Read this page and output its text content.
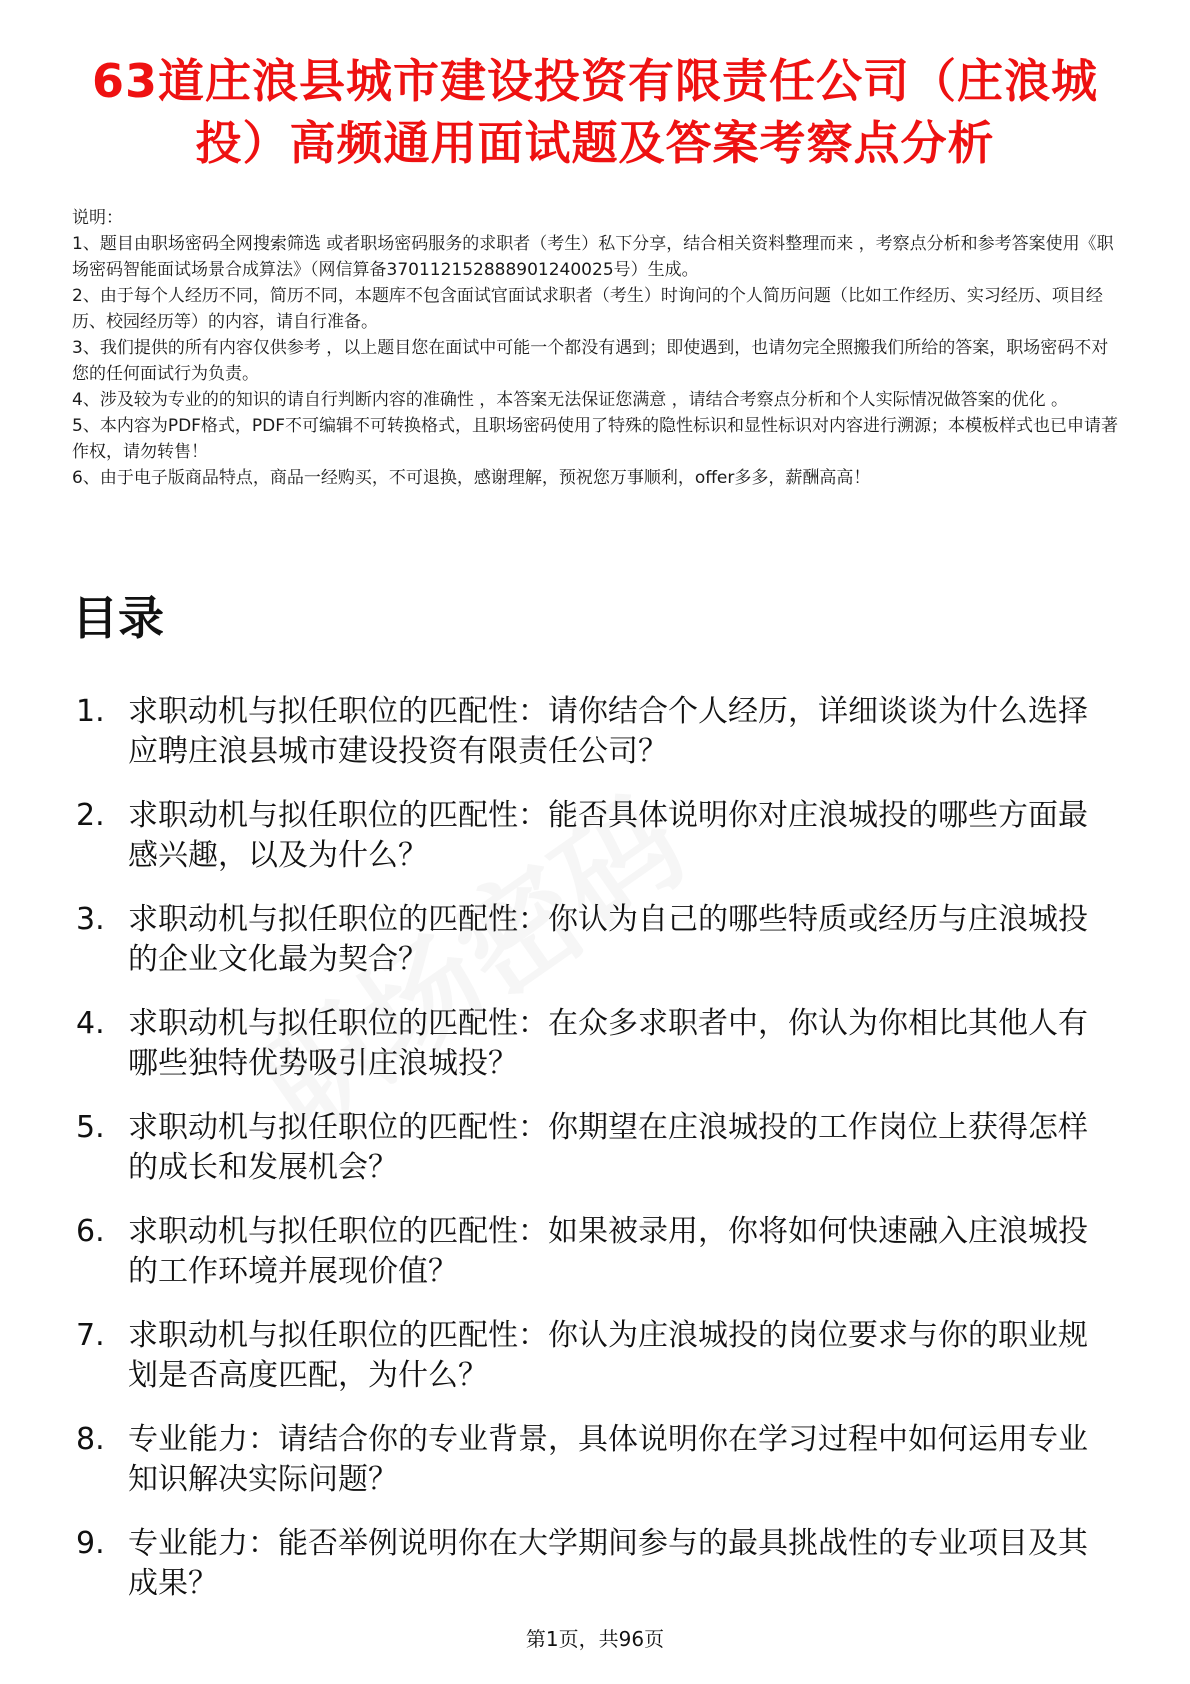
63道庄浪县城市建设投资有限责任公司（庄浪城投）高频通用面试题及答案考察点分析

说明：

1、题目由职场密码全网搜索筛选 或者职场密码服务的求职者（考生）私下分享，结合相关资料整理而来 ，考察点分析和参考答案使用《职场密码智能面试场景合成算法》（网信算备370112152888901240025号）生成。

2、由于每个人经历不同，简历不同，本题库不包含面试官面试求职者（考生）时询问的个人简历问题（比如工作经历、实习经历、项目经历、校园经历等）的内容，请自行准备。

3、我们提供的所有内容仅供参考 ，以上题目您在面试中可能一个都没有遇到；即使遇到，也请勿完全照搬我们所给的答案，职场密码不对您的任何面试行为负责。

4、涉及较为专业的的知识的请自行判断内容的准确性 ，本答案无法保证您满意 ，请结合考察点分析和个人实际情况做答案的优化 。

5、本内容为PDF格式，PDF不可编辑不可转换格式，且职场密码使用了特殊的隐性标识和显性标识对内容进行溯源；本模板样式也已申请著作权，请勿转售！

6、由于电子版商品特点，商品一经购买，不可退换，感谢理解，预祝您万事顺利，offer多多，薪酬高高！

目录
1. 求职动机与拟任职位的匹配性：请你结合个人经历，详细谈谈为什么选择应聘庄浪县城市建设投资有限责任公司？
2. 求职动机与拟任职位的匹配性：能否具体说明你对庄浪城投的哪些方面最感兴趣，以及为什么？
3. 求职动机与拟任职位的匹配性：你认为自己的哪些特质或经历与庄浪城投的企业文化最为契合？
4. 求职动机与拟任职位的匹配性：在众多求职者中，你认为你相比其他人有哪些独特优势吸引庄浪城投？
5. 求职动机与拟任职位的匹配性：你期望在庄浪城投的工作岗位上获得怎样的成长和发展机会？
6. 求职动机与拟任职位的匹配性：如果被录用，你将如何快速融入庄浪城投的工作环境并展现价值？
7. 求职动机与拟任职位的匹配性：你认为庄浪城投的岗位要求与你的职业规划是否高度匹配，为什么？
8. 专业能力：请结合你的专业背景，具体说明你在学习过程中如何运用专业知识解决实际问题？
9. 专业能力：能否举例说明你在大学期间参与的最具挑战性的专业项目及其成果？
第1页，共96页
